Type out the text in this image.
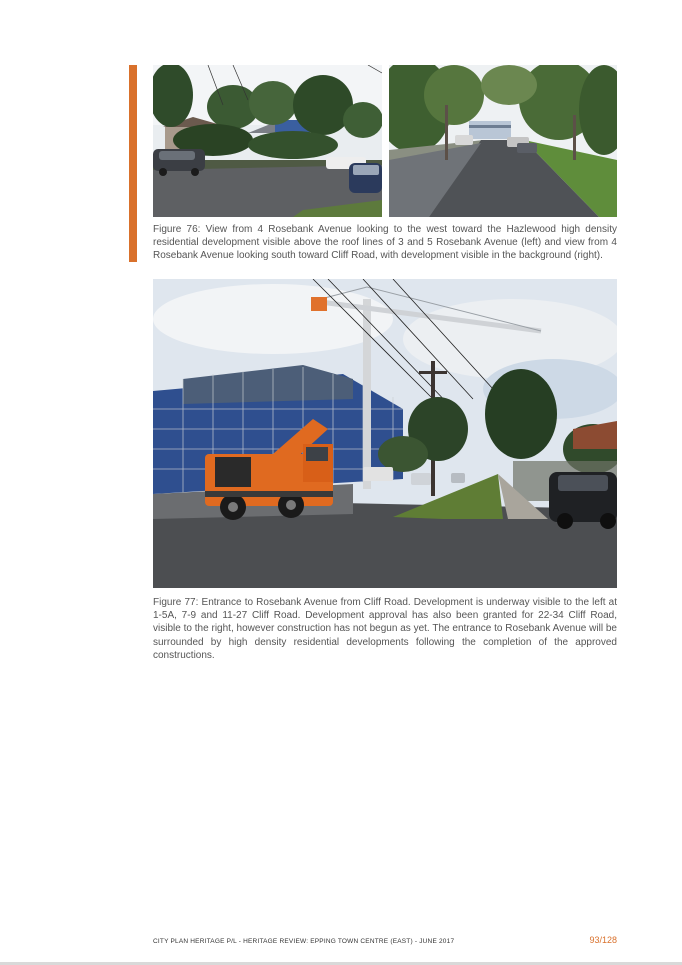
Figure 76: View from 4 Rosebank Avenue looking to the west toward the Hazlewood high density residential development visible above the roof lines of 3 and 5 Rosebank Avenue (left) and view from 4 Rosebank Avenue looking south toward Cliff Road, with development visible in the background (right).

Figure 77: Entrance to Rosebank Avenue from Cliff Road. Development is underway visible to the left at 1-5A, 7-9 and 11-27 Cliff Road. Development approval has also been granted for 22-34 Cliff Road, visible to the right, however construction has not begun as yet. The entrance to Rosebank Avenue will be surrounded by high density residential developments following the completion of the approved constructions.

CITY PLAN HERITAGE P/L - HERITAGE REVIEW: EPPING TOWN CENTRE (EAST) - JUNE 2017	93/128
